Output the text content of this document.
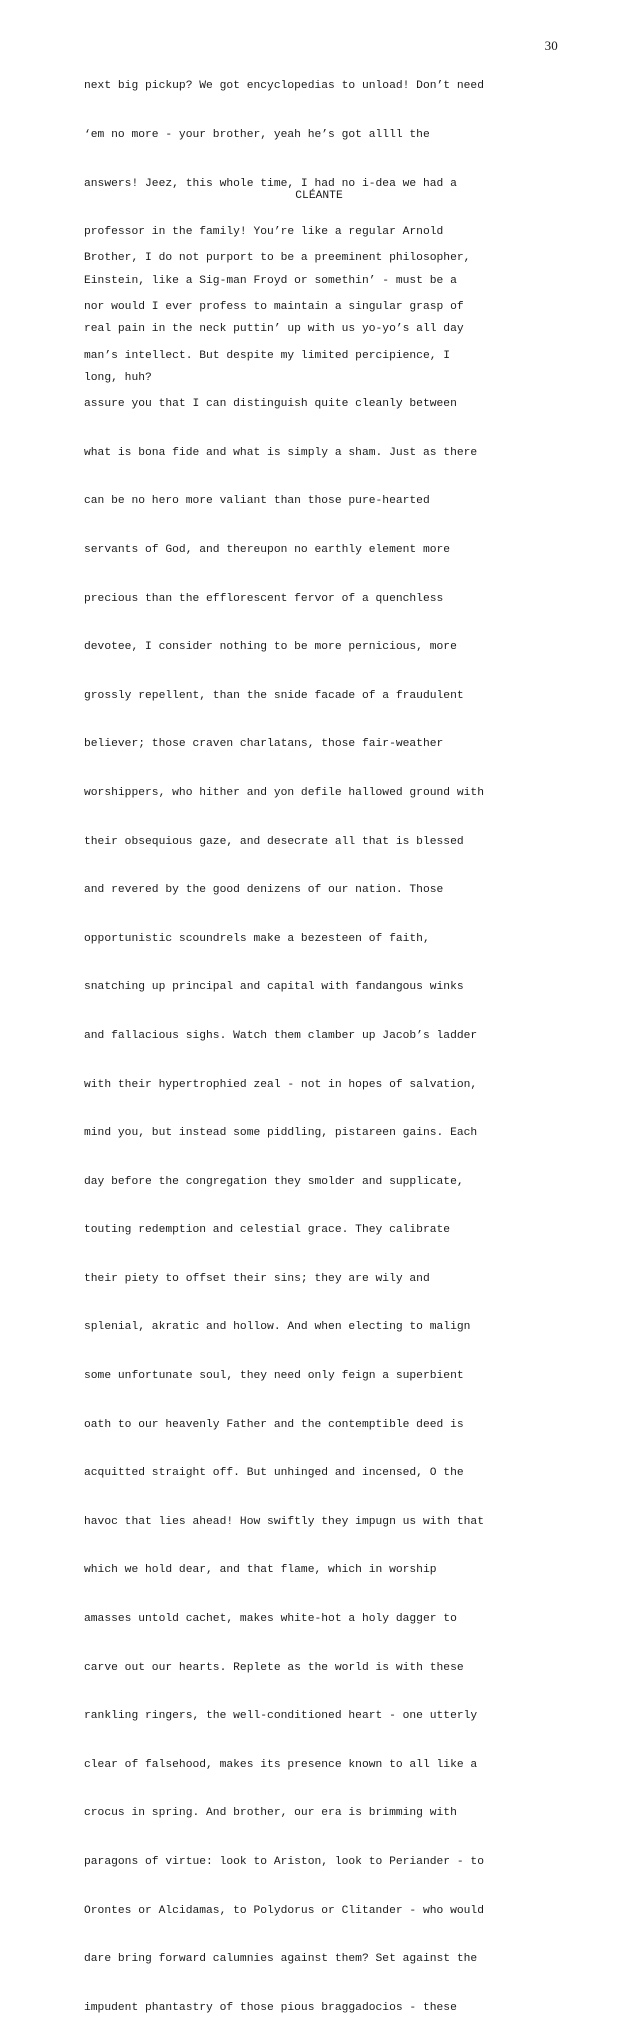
30

next big pickup? We got encyclopedias to unload! Don’t need

‘em no more - your brother, yeah he’s got allll the

answers! Jeez, this whole time, I had no i-dea we had a

professor in the family! You’re like a regular Arnold

Einstein, like a Sig-man Froyd or somethin’ - must be a

real pain in the neck puttin’ up with us yo-yo’s all day

long, huh?

CLÉANTE

Brother, I do not purport to be a preeminent philosopher,

nor would I ever profess to maintain a singular grasp of

man’s intellect. But despite my limited percipience, I

assure you that I can distinguish quite cleanly between

what is bona fide and what is simply a sham. Just as there

can be no hero more valiant than those pure-hearted

servants of God, and thereupon no earthly element more

precious than the efflorescent fervor of a quenchless

devotee, I consider nothing to be more pernicious, more

grossly repellent, than the snide facade of a fraudulent

believer; those craven charlatans, those fair-weather

worshippers, who hither and yon defile hallowed ground with

their obsequious gaze, and desecrate all that is blessed

and revered by the good denizens of our nation. Those

opportunistic scoundrels make a bezesteen of faith,

snatching up principal and capital with fandangous winks

and fallacious sighs. Watch them clamber up Jacob’s ladder

with their hypertrophied zeal - not in hopes of salvation,

mind you, but instead some piddling, pistareen gains. Each

day before the congregation they smolder and supplicate,

touting redemption and celestial grace. They calibrate

their piety to offset their sins; they are wily and

splenial, akratic and hollow. And when electing to malign

some unfortunate soul, they need only feign a superbient

oath to our heavenly Father and the contemptible deed is

acquitted straight off. But unhinged and incensed, O the

havoc that lies ahead! How swiftly they impugn us with that

which we hold dear, and that flame, which in worship

amasses untold cachet, makes white-hot a holy dagger to

carve out our hearts. Replete as the world is with these

rankling ringers, the well-conditioned heart - one utterly

clear of falsehood, makes its presence known to all like a

crocus in spring. And brother, our era is brimming with

paragons of virtue: look to Ariston, look to Periander - to

Orontes or Alcidamas, to Polydorus or Clitander - who would

dare bring forward calumnies against them? Set against the

impudent phantastry of those pious braggadocios - these
